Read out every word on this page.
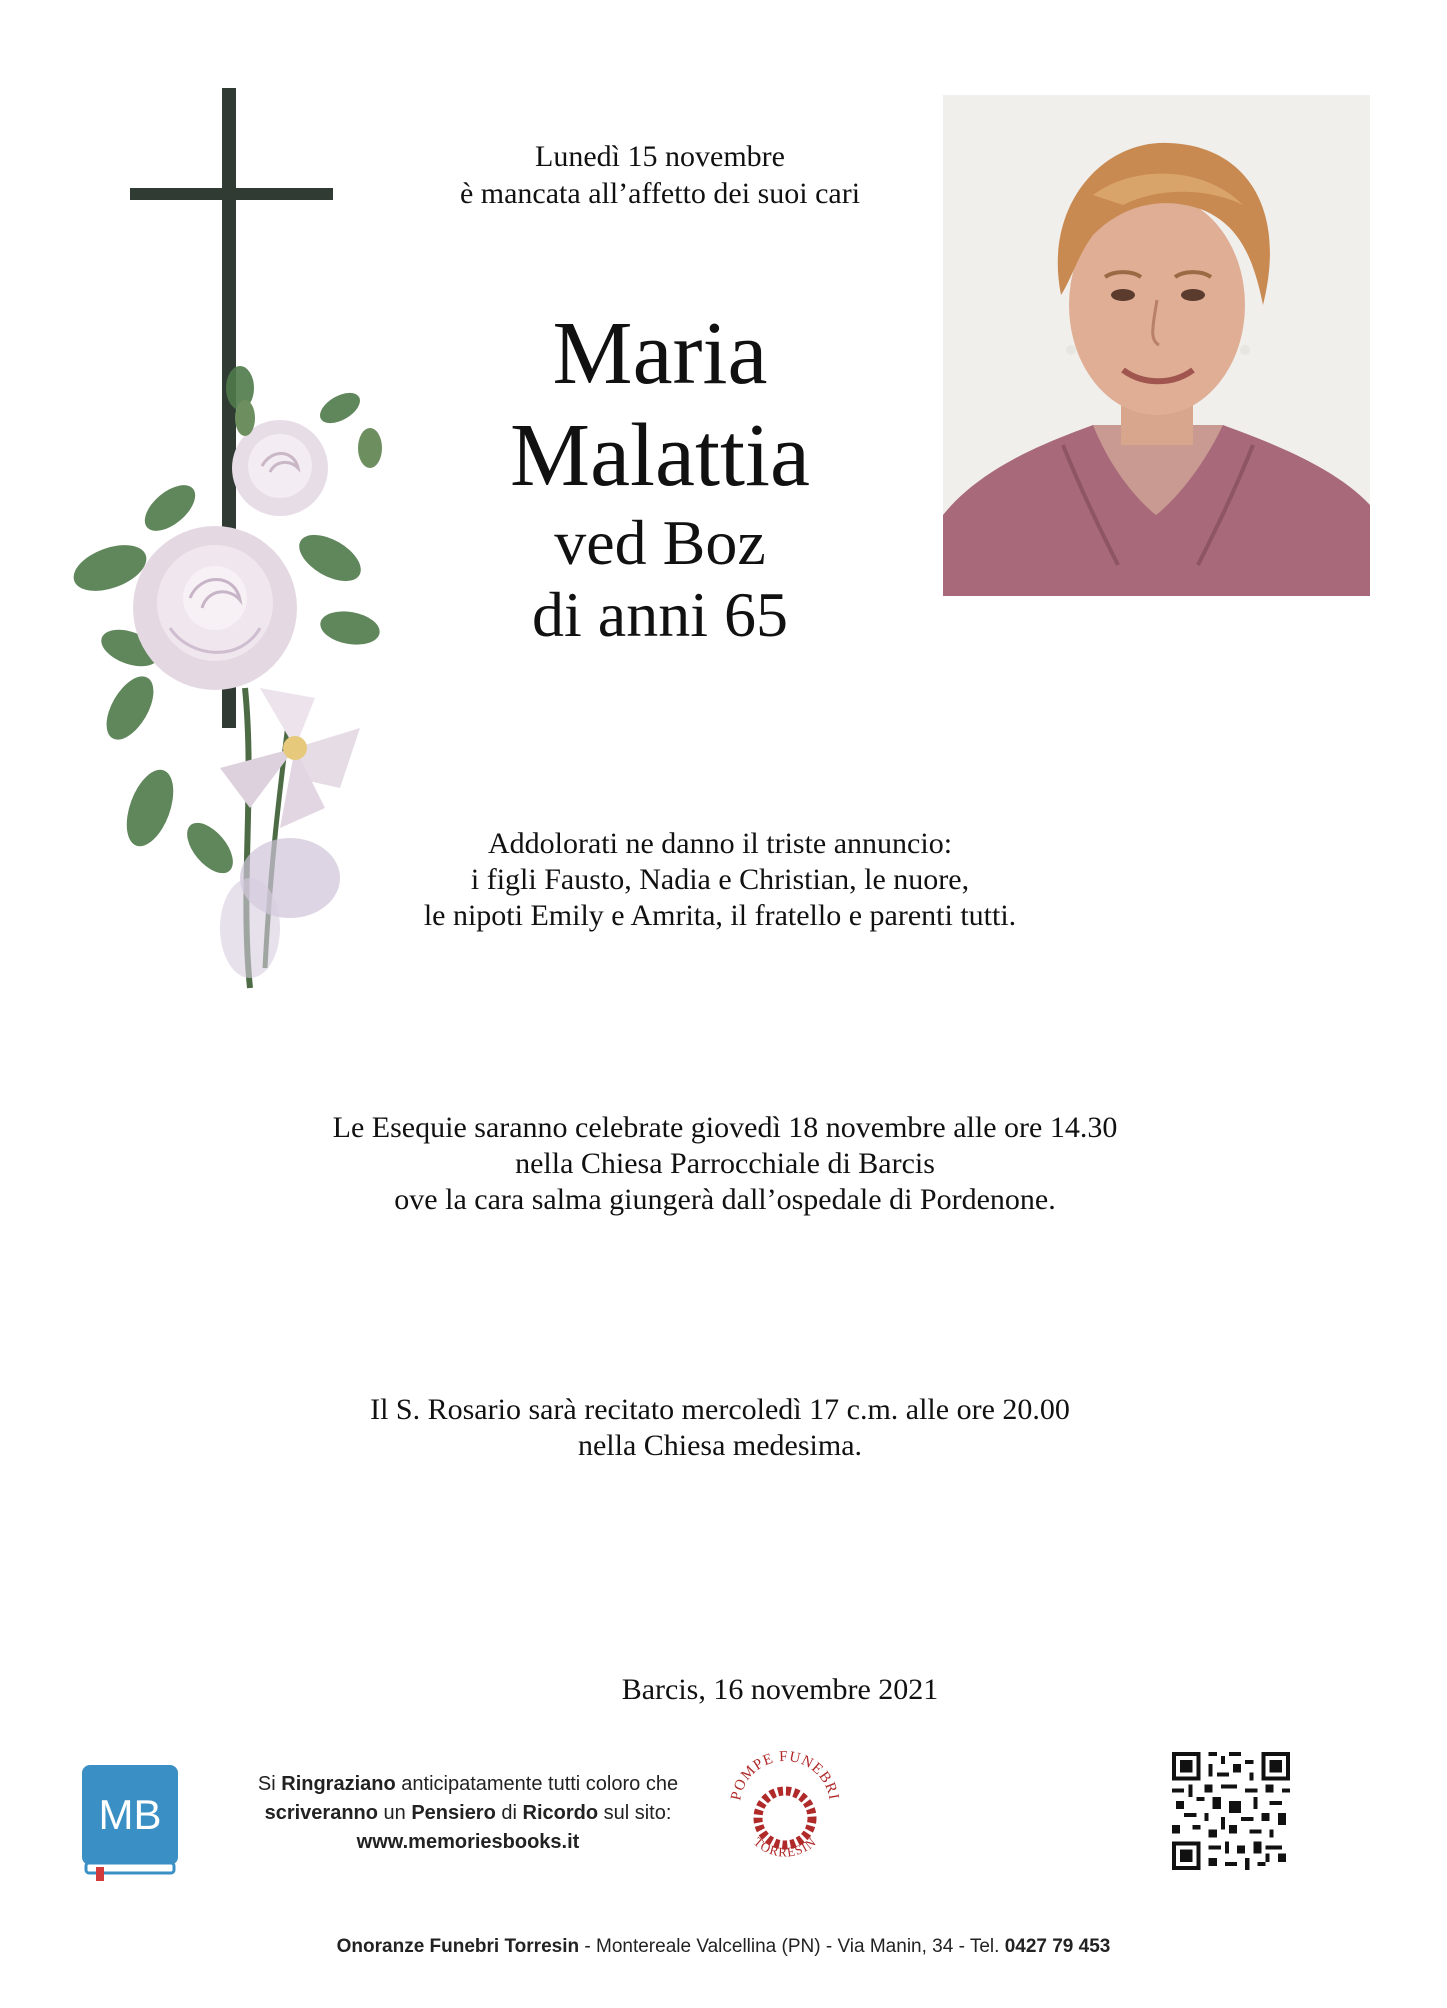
Lunedì 15 novembre
è mancata all’affetto dei suoi cari
Maria
Malattia
ved Boz
di anni 65
Addolorati ne danno il triste annuncio:
i figli Fausto, Nadia e Christian, le nuore,
le nipoti Emily e Amrita, il fratello e parenti tutti.
Le Esequie saranno celebrate giovedì 18 novembre alle ore 14.30
nella Chiesa Parrocchiale di Barcis
ove la cara salma giungerà dall’ospedale di Pordenone.
Il S. Rosario sarà recitato mercoledì 17 c.m. alle ore 20.00
nella Chiesa medesima.
Barcis, 16 novembre 2021
MB
Si Ringraziano anticipatamente tutti coloro che
scriveranno un Pensiero di Ricordo sul sito:
www.memoriesbooks.it
POMPE FUNEBRI
TORRESIN
Onoranze Funebri Torresin - Montereale Valcellina (PN) - Via Manin, 34 - Tel. 0427 79 453
